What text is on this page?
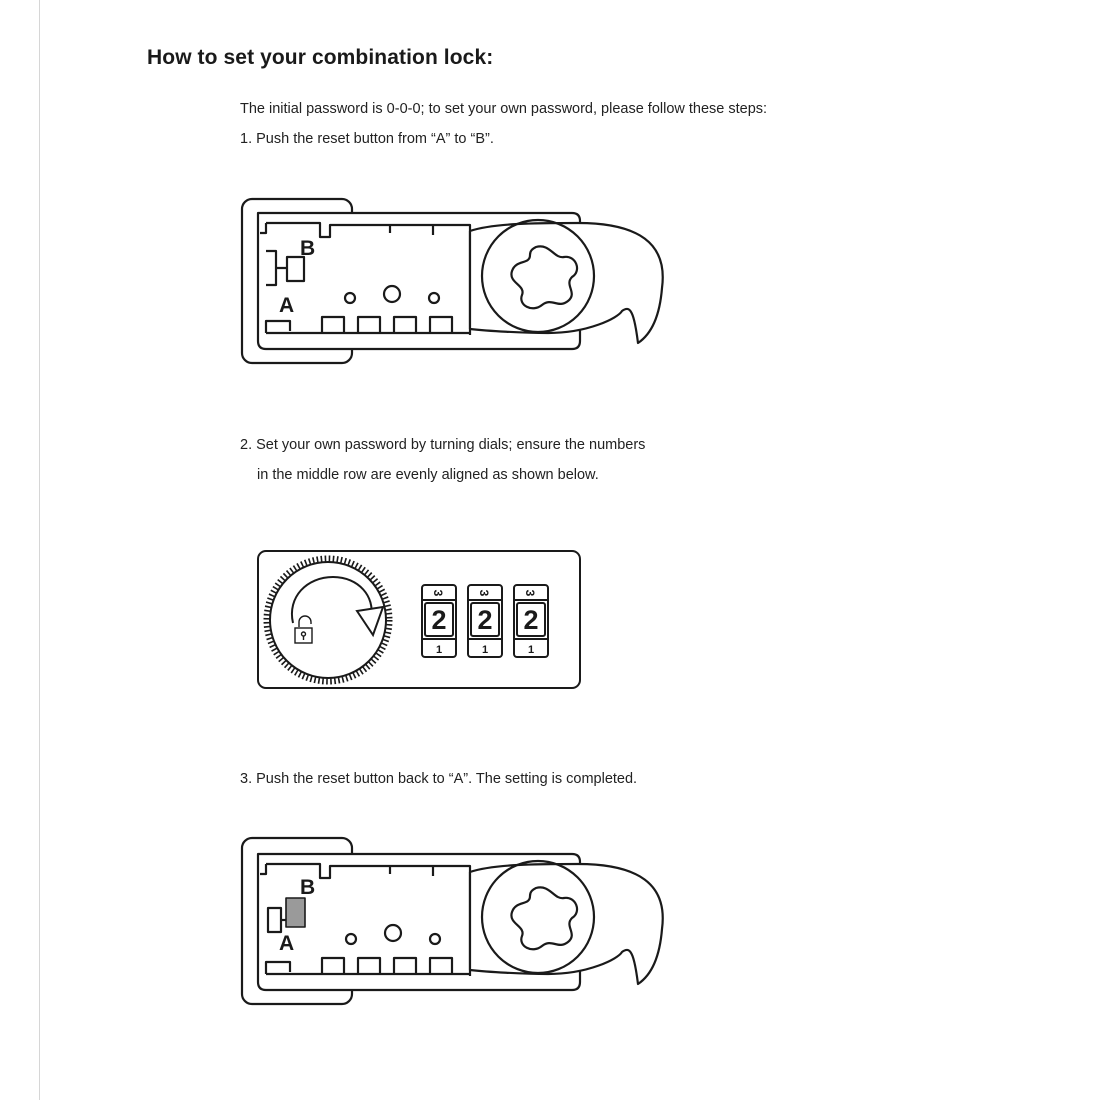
How to set your combination lock:

The initial password is 0-0-0; to set your own password, please follow these steps:

1. Push the reset button from “A” to “B”.

B
A

2. Set your own password by turning dials; ensure the numbers

in the middle row are evenly aligned as shown below.

3
2
1
3
2
1
3
2
1

3. Push the reset button back to “A”. The setting is completed.

B
A
